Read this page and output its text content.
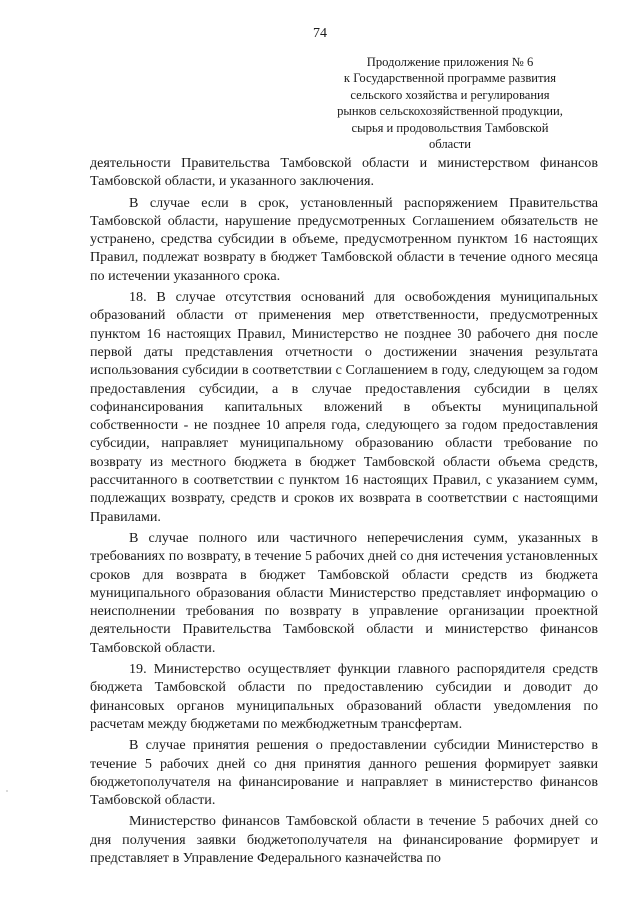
74
Продолжение приложения № 6
к Государственной программе развития
сельского хозяйства и регулирования
рынков сельскохозяйственной продукции,
сырья и продовольствия Тамбовской
области

деятельности Правительства Тамбовской области и министерством финансов Тамбовской области, и указанного заключения.

В случае если в срок, установленный распоряжением Правительства Тамбовской области, нарушение предусмотренных Соглашением обязательств не устранено, средства субсидии в объеме, предусмотренном пунктом 16 настоящих Правил, подлежат возврату в бюджет Тамбовской области в течение одного месяца по истечении указанного срока.

18. В случае отсутствия оснований для освобождения муниципальных образований области от применения мер ответственности, предусмотренных пунктом 16 настоящих Правил, Министерство не позднее 30 рабочего дня после первой даты представления отчетности о достижении значения результата использования субсидии в соответствии с Соглашением в году, следующем за годом предоставления субсидии, а в случае предоставления субсидии в целях софинансирования капитальных вложений в объекты муниципальной собственности - не позднее 10 апреля года, следующего за годом предоставления субсидии, направляет муниципальному образованию области требование по возврату из местного бюджета в бюджет Тамбовской области объема средств, рассчитанного в соответствии с пунктом 16 настоящих Правил, с указанием сумм, подлежащих возврату, средств и сроков их возврата в соответствии с настоящими Правилами.

В случае полного или частичного неперечисления сумм, указанных в требованиях по возврату, в течение 5 рабочих дней со дня истечения установленных сроков для возврата в бюджет Тамбовской области средств из бюджета муниципального образования области Министерство представляет информацию о неисполнении требования по возврату в управление организации проектной деятельности Правительства Тамбовской области и министерство финансов Тамбовской области.

19. Министерство осуществляет функции главного распорядителя средств бюджета Тамбовской области по предоставлению субсидии и доводит до финансовых органов муниципальных образований области уведомления по расчетам между бюджетами по межбюджетным трансфертам.

В случае принятия решения о предоставлении субсидии Министерство в течение 5 рабочих дней со дня принятия данного решения формирует заявки бюджетополучателя на финансирование и направляет в министерство финансов Тамбовской области.

Министерство финансов Тамбовской области в течение 5 рабочих дней со дня получения заявки бюджетополучателя на финансирование формирует и представляет в Управление Федерального казначейства по
